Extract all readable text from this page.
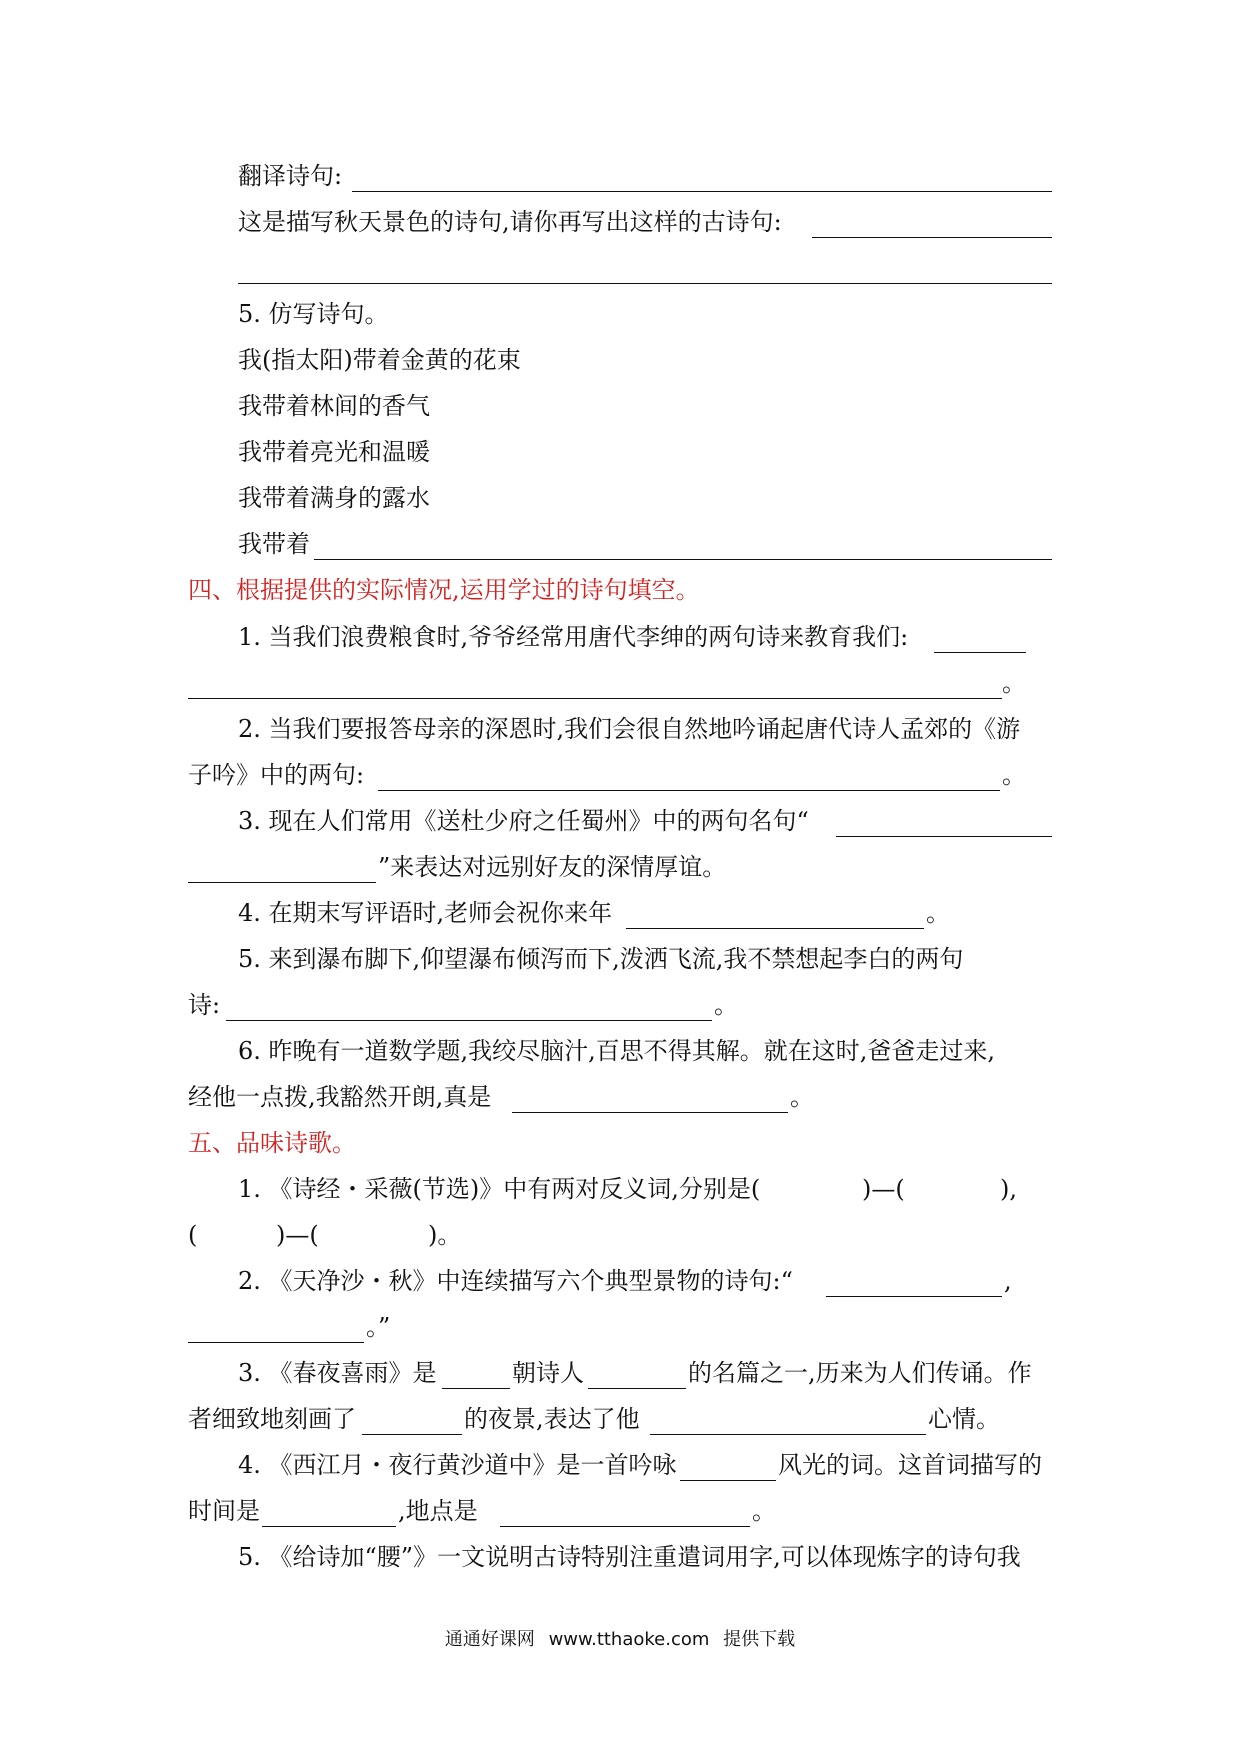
翻译诗句:
这是描写秋天景色的诗句,请你再写出这样的古诗句:
5. 仿写诗句。
我(指太阳)带着金黄的花束
我带着林间的香气
我带着亮光和温暖
我带着满身的露水
我带着
四、根据提供的实际情况,运用学过的诗句填空。
1. 当我们浪费粮食时,爷爷经常用唐代李绅的两句诗来教育我们:
。
2. 当我们要报答母亲的深恩时,我们会很自然地吟诵起唐代诗人孟郊的《游
子吟》中的两句:	。
3. 现在人们常用《送杜少府之任蜀州》中的两句名句“
”来表达对远别好友的深情厚谊。
4. 在期末写评语时,老师会祝你来年	。
5. 来到瀑布脚下,仰望瀑布倾泻而下,泼洒飞流,我不禁想起李白的两句
诗:	。
6. 昨晚有一道数学题,我绞尽脑汁,百思不得其解。就在这时,爸爸走过来,
经他一点拨,我豁然开朗,真是	。
五、品味诗歌。
1. 《诗经・采薇(节选)》中有两对反义词,分别是(	)—(	),
(	)—(	)。
2. 《天净沙・秋》中连续描写六个典型景物的诗句:“	,
。”
3. 《春夜喜雨》是	朝诗人	的名篇之一,历来为人们传诵。作
者细致地刻画了	的夜景,表达了他	心情。
4. 《西江月・夜行黄沙道中》是一首吟咏	风光的词。这首词描写的
时间是	,地点是	。
5. 《给诗加“腰”》一文说明古诗特别注重遣词用字,可以体现炼字的诗句我
通通好课网 www.tthaoke.com 提供下载
